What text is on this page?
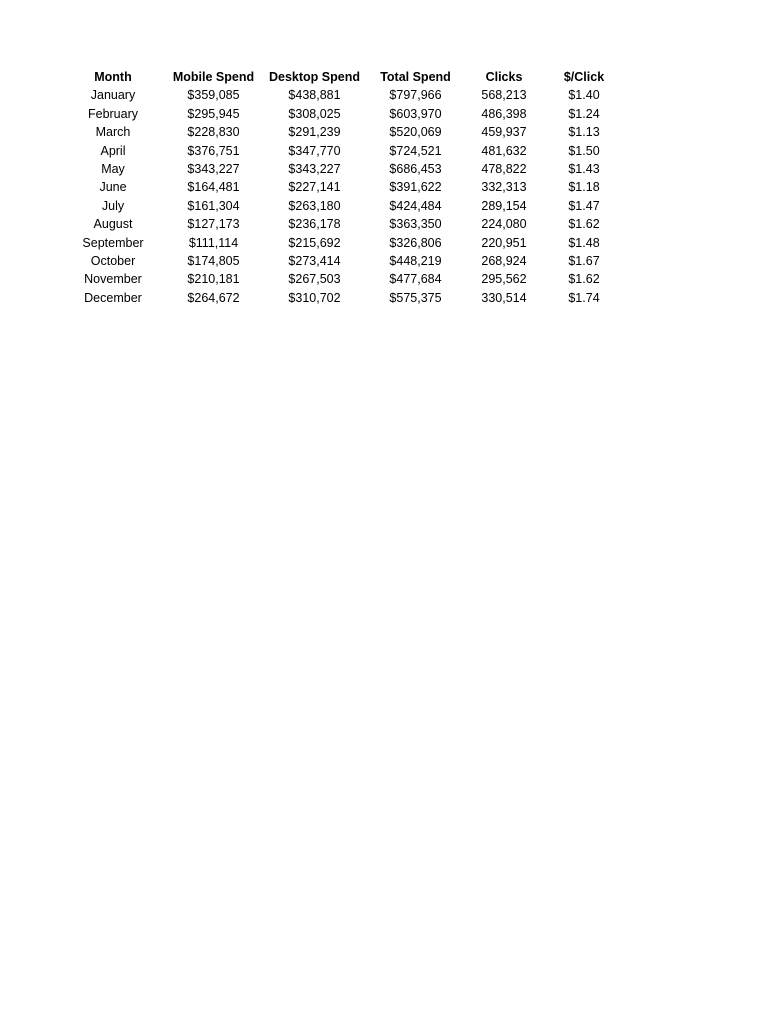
Month	Mobile Spend	Desktop Spend	Total Spend	Clicks	$/Click
January	$359,085	$438,881	$797,966	568,213	$1.40
February	$295,945	$308,025	$603,970	486,398	$1.24
March	$228,830	$291,239	$520,069	459,937	$1.13
April	$376,751	$347,770	$724,521	481,632	$1.50
May	$343,227	$343,227	$686,453	478,822	$1.43
June	$164,481	$227,141	$391,622	332,313	$1.18
July	$161,304	$263,180	$424,484	289,154	$1.47
August	$127,173	$236,178	$363,350	224,080	$1.62
September	$111,114	$215,692	$326,806	220,951	$1.48
October	$174,805	$273,414	$448,219	268,924	$1.67
November	$210,181	$267,503	$477,684	295,562	$1.62
December	$264,672	$310,702	$575,375	330,514	$1.74
